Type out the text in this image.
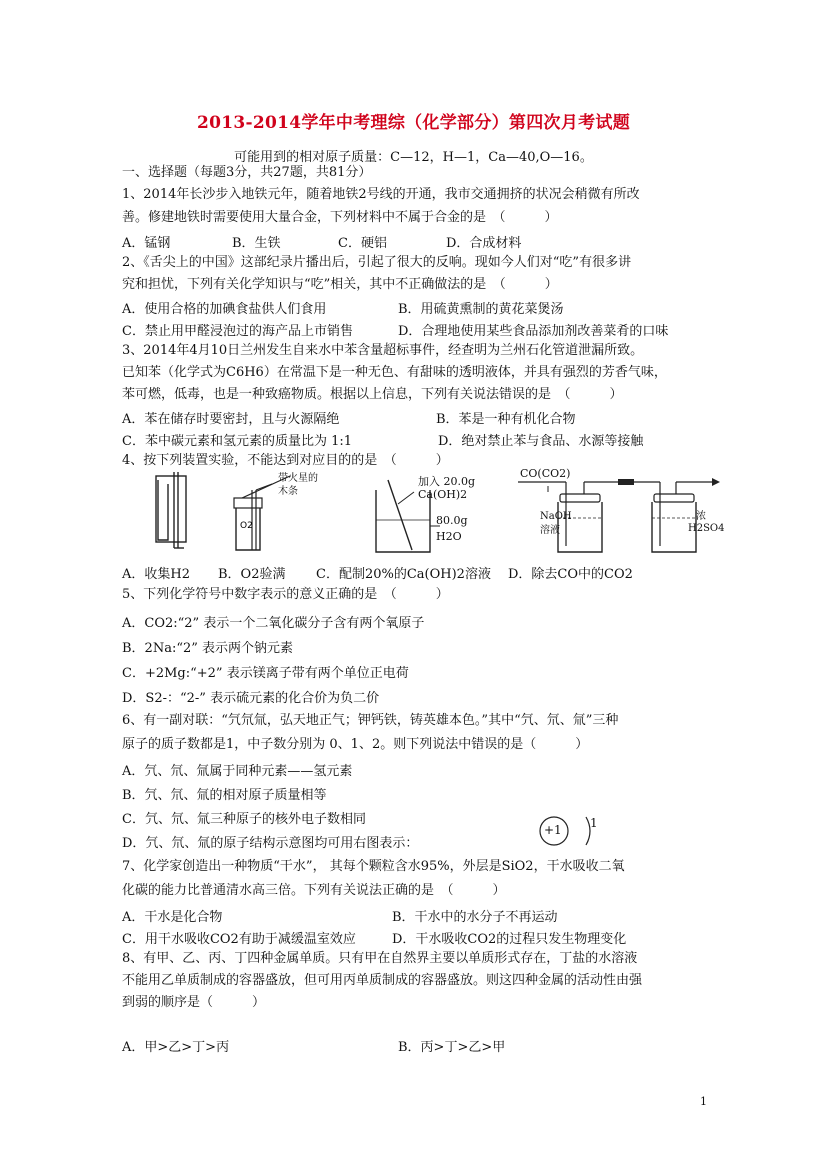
2013-2014学年中考理综（化学部分）第四次月考试题
可能用到的相对原子质量：C—12，H—1，Ca—40,O—16。
一、选择题（每题3分，共27题，共81分）
1、2014年长沙步入地铁元年，随着地铁2号线的开通，我市交通拥挤的状况会稍微有所改
善。修建地铁时需要使用大量合金，下列材料中不属于合金的是　（　　　）
A．锰钢	B．生铁	C．硬铝	D．合成材料
2、《舌尖上的中国》这部纪录片播出后，引起了很大的反响。现如今人们对“吃”有很多讲
究和担忧，下列有关化学知识与“吃”相关，其中不正确做法的是　（　　　）
A．使用合格的加碘食盐供人们食用	B．用硫黄熏制的黄花菜煲汤
C．禁止用甲醛浸泡过的海产品上市销售	D．合理地使用某些食品添加剂改善菜肴的口味
3、2014年4月10日兰州发生自来水中苯含量超标事件，经查明为兰州石化管道泄漏所致。
已知苯（化学式为C6H6）在常温下是一种无色、有甜味的透明液体，并具有强烈的芳香气味，
苯可燃，低毒，也是一种致癌物质。根据以上信息，下列有关说法错误的是　（　　　）
A．苯在储存时要密封，且与火源隔绝	B．苯是一种有机化合物
C．苯中碳元素和氢元素的质量比为 1:1	D．绝对禁止苯与食品、水源等接触
4、按下列装置实验，不能达到对应目的的是　（　　　）
O2
带火星的木条
加入 20.0g
Ca(OH)2
80.0g
H2O
CO(CO2)
NaOH溶液
浓
H2SO4
A．收集H2 B．O2验满 C．配制20%的Ca(OH)2溶液 D．除去CO中的CO2
5、下列化学符号中数字表示的意义正确的是　（　　　）
A．CO2:“2” 表示一个二氧化碳分子含有两个氧原子
B．2Na:“2” 表示两个钠元素
C．+2Mg:“+2” 表示镁离子带有两个单位正电荷
D．S2-：“2-” 表示硫元素的化合价为负二价
6、有一副对联：“氕氘氚，弘天地正气；钾钙铁，铸英雄本色。”其中“氕、氘、氚”三种
原子的质子数都是1，中子数分别为 0、1、2。则下列说法中错误的是（　　　）
A．氕、氘、氚属于同种元素——氢元素
B．氕、氘、氚的相对原子质量相等
C．氕、氘、氚三种原子的核外电子数相同
D．氕、氘、氚的原子结构示意图均可用右图表示：
+1 1
7、化学家创造出一种物质“干水”， 其每个颗粒含水95%，外层是SiO2，干水吸收二氧
化碳的能力比普通清水高三倍。下列有关说法正确的是　（　　　）
A．干水是化合物	B．干水中的水分子不再运动
C．用干水吸收CO2有助于减缓温室效应	D．干水吸收CO2的过程只发生物理变化
8、有甲、乙、丙、丁四种金属单质。只有甲在自然界主要以单质形式存在，丁盐的水溶液
不能用乙单质制成的容器盛放，但可用丙单质制成的容器盛放。则这四种金属的活动性由强
到弱的顺序是（　　　）
A．甲>乙>丁>丙	B．丙>丁>乙>甲
1
